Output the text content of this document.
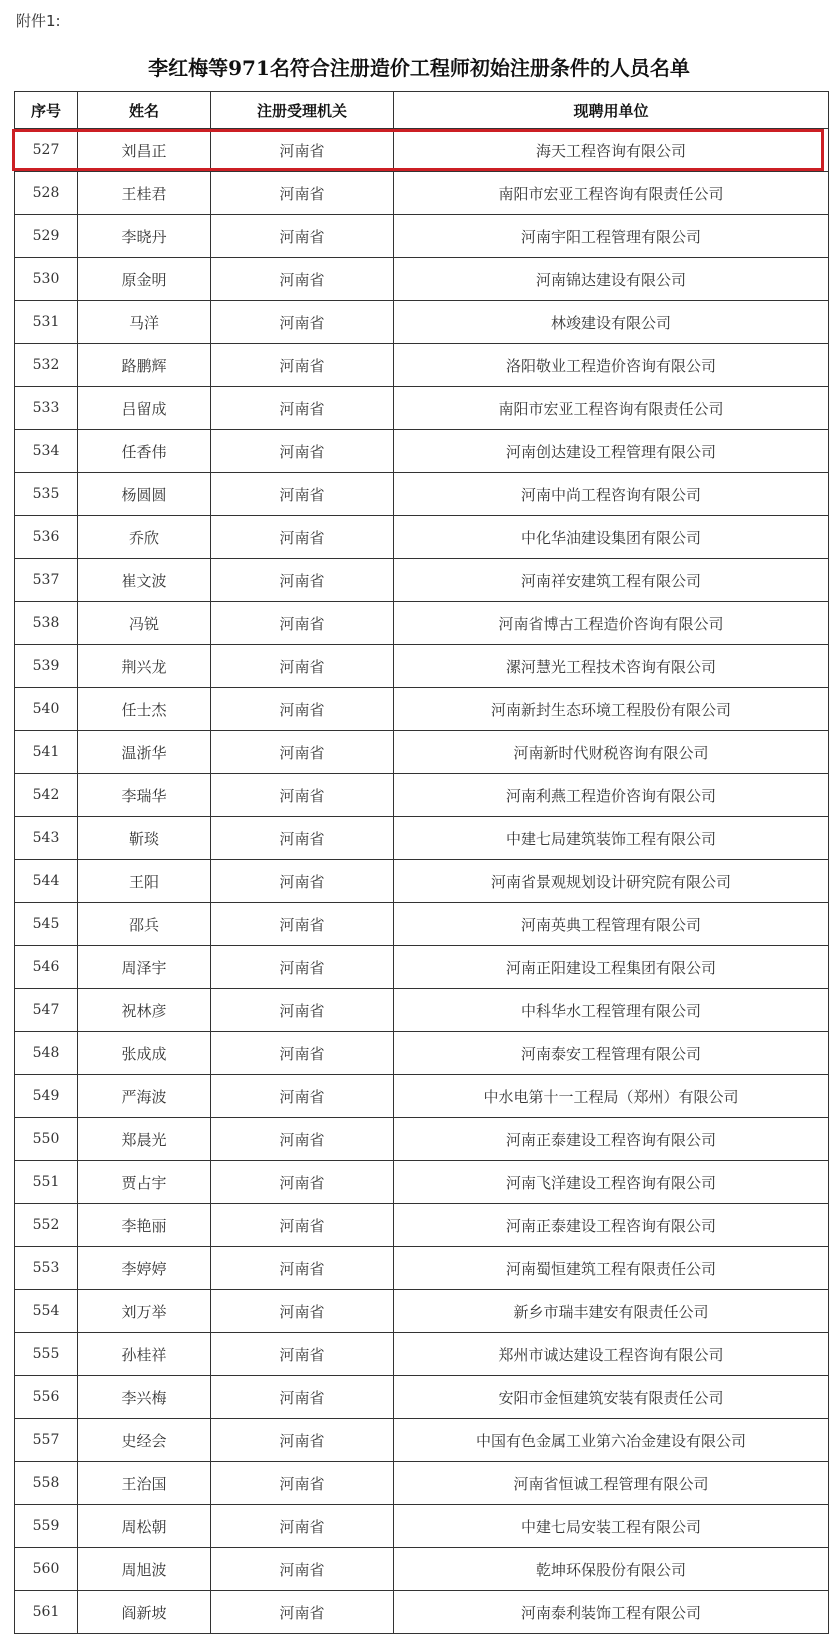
附件1:
李红梅等971名符合注册造价工程师初始注册条件的人员名单
序号	姓名	注册受理机关	现聘用单位
527	刘昌正	河南省	海天工程咨询有限公司
528	王桂君	河南省	南阳市宏亚工程咨询有限责任公司
529	李晓丹	河南省	河南宇阳工程管理有限公司
530	原金明	河南省	河南锦达建设有限公司
531	马洋	河南省	林竣建设有限公司
532	路鹏辉	河南省	洛阳敬业工程造价咨询有限公司
533	吕留成	河南省	南阳市宏亚工程咨询有限责任公司
534	任香伟	河南省	河南创达建设工程管理有限公司
535	杨圆圆	河南省	河南中尚工程咨询有限公司
536	乔欣	河南省	中化华油建设集团有限公司
537	崔文波	河南省	河南祥安建筑工程有限公司
538	冯锐	河南省	河南省博古工程造价咨询有限公司
539	荆兴龙	河南省	漯河慧光工程技术咨询有限公司
540	任士杰	河南省	河南新封生态环境工程股份有限公司
541	温浙华	河南省	河南新时代财税咨询有限公司
542	李瑞华	河南省	河南利燕工程造价咨询有限公司
543	靳琰	河南省	中建七局建筑装饰工程有限公司
544	王阳	河南省	河南省景观规划设计研究院有限公司
545	邵兵	河南省	河南英典工程管理有限公司
546	周泽宇	河南省	河南正阳建设工程集团有限公司
547	祝林彦	河南省	中科华水工程管理有限公司
548	张成成	河南省	河南泰安工程管理有限公司
549	严海波	河南省	中水电第十一工程局（郑州）有限公司
550	郑晨光	河南省	河南正泰建设工程咨询有限公司
551	贾占宇	河南省	河南飞洋建设工程咨询有限公司
552	李艳丽	河南省	河南正泰建设工程咨询有限公司
553	李婷婷	河南省	河南蜀恒建筑工程有限责任公司
554	刘万举	河南省	新乡市瑞丰建安有限责任公司
555	孙桂祥	河南省	郑州市诚达建设工程咨询有限公司
556	李兴梅	河南省	安阳市金恒建筑安装有限责任公司
557	史经会	河南省	中国有色金属工业第六冶金建设有限公司
558	王治国	河南省	河南省恒诚工程管理有限公司
559	周松朝	河南省	中建七局安装工程有限公司
560	周旭波	河南省	乾坤环保股份有限公司
561	阎新坡	河南省	河南泰利装饰工程有限公司
